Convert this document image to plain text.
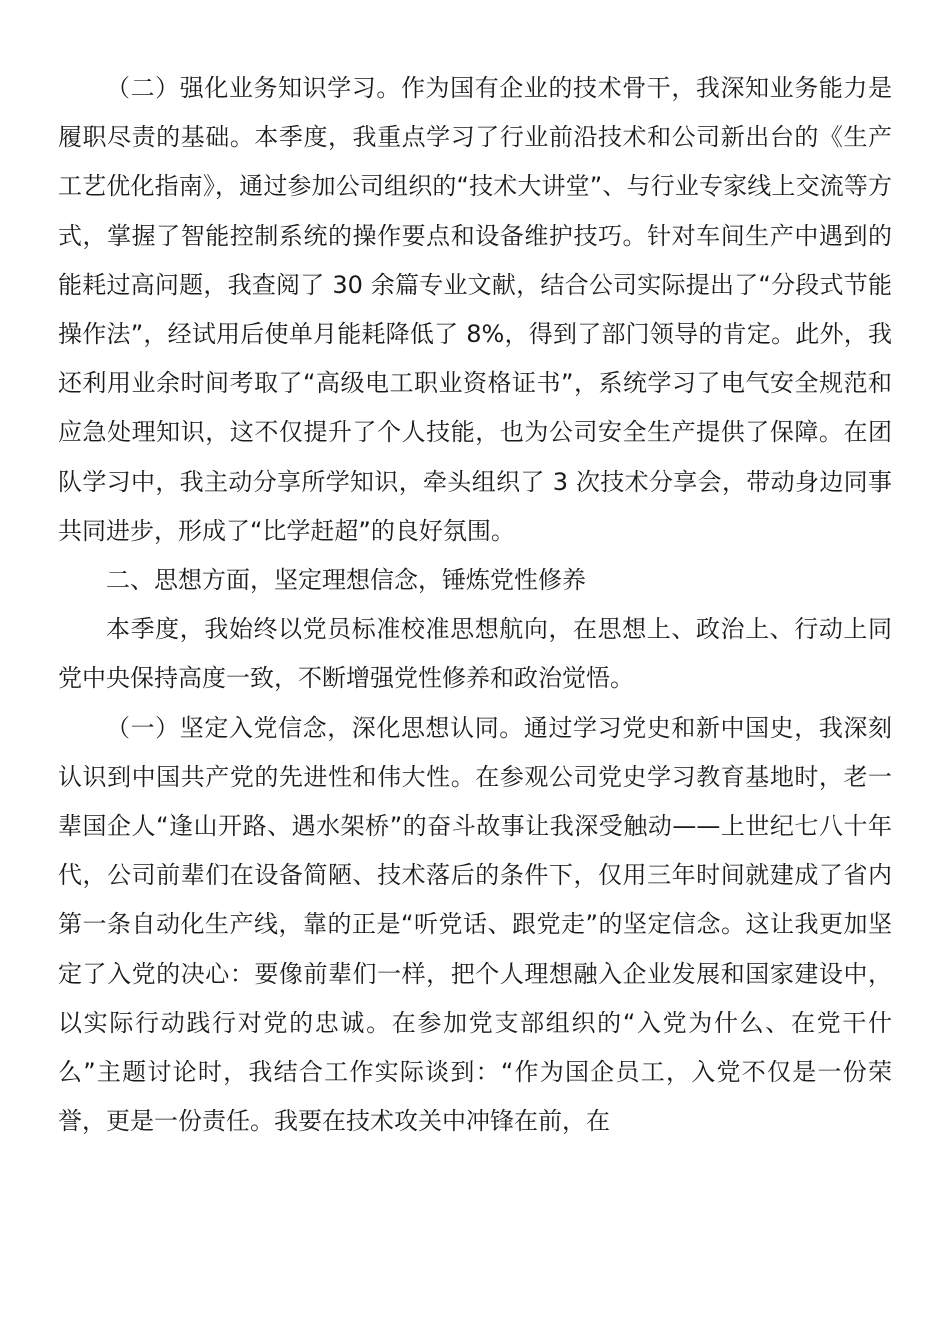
（二）强化业务知识学习。作为国有企业的技术骨干，我深知业务能力是履职尽责的基础。本季度，我重点学习了行业前沿技术和公司新出台的《生产工艺优化指南》，通过参加公司组织的“技术大讲堂”、与行业专家线上交流等方式，掌握了智能控制系统的操作要点和设备维护技巧。针对车间生产中遇到的能耗过高问题，我查阅了 30 余篇专业文献，结合公司实际提出了“分段式节能操作法”，经试用后使单月能耗降低了 8%，得到了部门领导的肯定。此外，我还利用业余时间考取了“高级电工职业资格证书”，系统学习了电气安全规范和应急处理知识，这不仅提升了个人技能，也为公司安全生产提供了保障。在团队学习中，我主动分享所学知识，牵头组织了 3 次技术分享会，带动身边同事共同进步，形成了“比学赶超”的良好氛围。

二、思想方面，坚定理想信念，锤炼党性修养

本季度，我始终以党员标准校准思想航向，在思想上、政治上、行动上同党中央保持高度一致，不断增强党性修养和政治觉悟。

（一）坚定入党信念，深化思想认同。通过学习党史和新中国史，我深刻认识到中国共产党的先进性和伟大性。在参观公司党史学习教育基地时，老一辈国企人“逢山开路、遇水架桥”的奋斗故事让我深受触动——上世纪七八十年代，公司前辈们在设备简陋、技术落后的条件下，仅用三年时间就建成了省内第一条自动化生产线，靠的正是“听党话、跟党走”的坚定信念。这让我更加坚定了入党的决心：要像前辈们一样，把个人理想融入企业发展和国家建设中，以实际行动践行对党的忠诚。在参加党支部组织的“入党为什么、在党干什么”主题讨论时，我结合工作实际谈到：“作为国企员工，入党不仅是一份荣誉，更是一份责任。我要在技术攻关中冲锋在前，在
